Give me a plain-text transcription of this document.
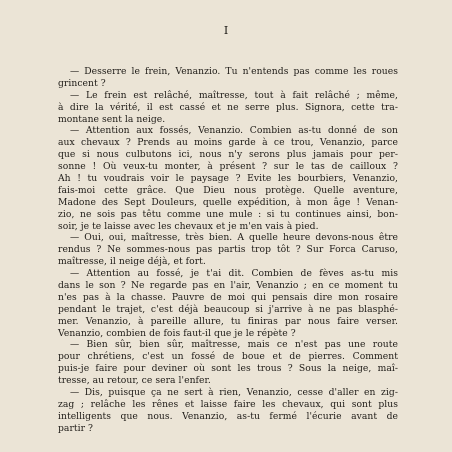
I
— Desserre le frein, Venanzio. Tu n'entends pas comme les roues
grincent ?
— Le frein est relâché, maîtresse, tout à fait relâché ; même,
à dire la vérité, il est cassé et ne serre plus. Signora, cette tra-
montane sent la neige.
— Attention aux fossés, Venanzio. Combien as-tu donné de son
aux chevaux ? Prends au moins garde à ce trou, Venanzio, parce
que si nous culbutons ici, nous n'y serons plus jamais pour per-
sonne ! Où veux-tu monter, à présent ? sur le tas de cailloux ?
Ah ! tu voudrais voir le paysage ? Evite les bourbiers, Venanzio,
fais-moi cette grâce. Que Dieu nous protège. Quelle aventure,
Madone des Sept Douleurs, quelle expédition, à mon âge ! Venan-
zio, ne sois pas têtu comme une mule : si tu continues ainsi, bon-
soir, je te laisse avec les chevaux et je m'en vais à pied.
— Oui, oui, maîtresse, très bien. A quelle heure devons-nous être
rendus ? Ne sommes-nous pas partis trop tôt ? Sur Forca Caruso,
maîtresse, il neige déjà, et fort.
— Attention au fossé, je t'ai dit. Combien de fèves as-tu mis
dans le son ? Ne regarde pas en l'air, Venanzio ; en ce moment tu
n'es pas à la chasse. Pauvre de moi qui pensais dire mon rosaire
pendant le trajet, c'est déjà beaucoup si j'arrive à ne pas blasphé-
mer. Venanzio, à pareille allure, tu finiras par nous faire verser.
Venanzio, combien de fois faut-il que je le répète ?
— Bien sûr, bien sûr, maîtresse, mais ce n'est pas une route
pour chrétiens, c'est un fossé de boue et de pierres. Comment
puis-je faire pour deviner où sont les trous ? Sous la neige, maî-
tresse, au retour, ce sera l'enfer.
— Dis, puisque ça ne sert à rien, Venanzio, cesse d'aller en zig-
zag ; relâche les rênes et laisse faire les chevaux, qui sont plus
intelligents que nous. Venanzio, as-tu fermé l'écurie avant de
partir ?
